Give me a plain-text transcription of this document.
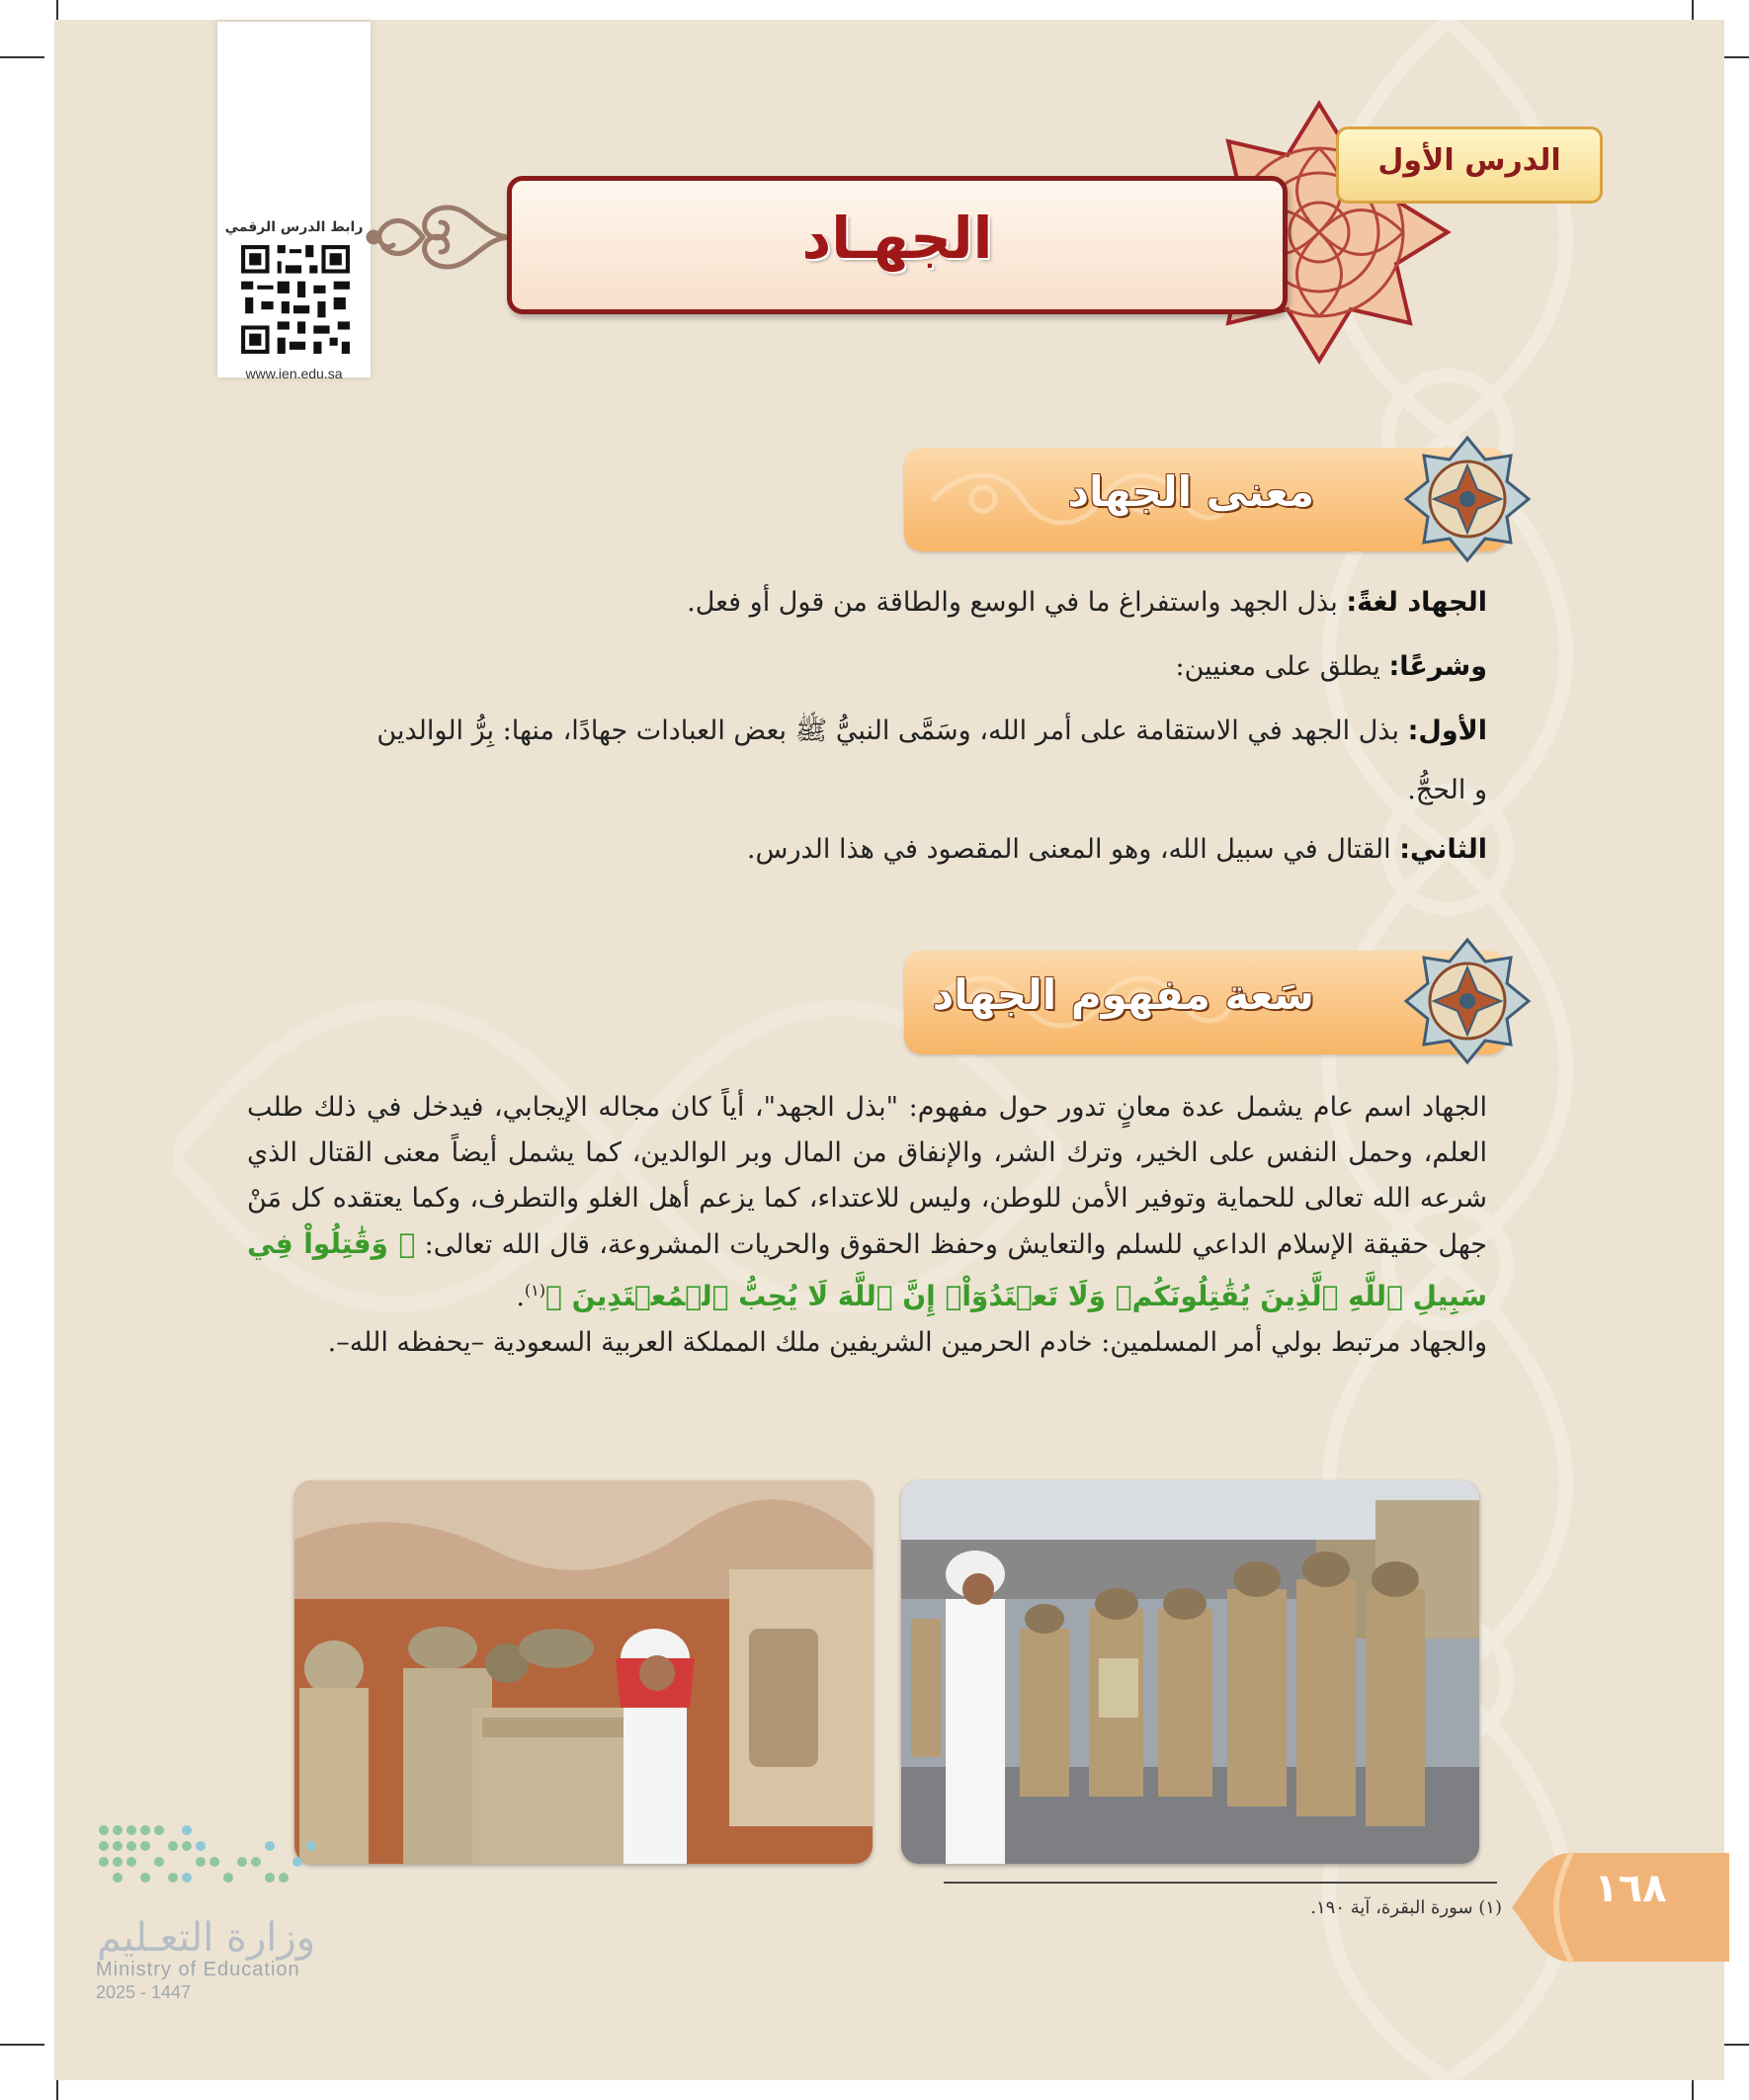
رابط الدرس الرقمي
www.ien.edu.sa
الدرس الأول
الجهـاد
معنى الجهاد
الجهاد لغةً: بذل الجهد واستفراغ ما في الوسع والطاقة من قول أو فعل.
وشرعًا: يطلق على معنيين:
الأول: بذل الجهد في الاستقامة على أمر الله، وسَمَّى النبيُّ ﷺ بعض العبادات جهادًا، منها: بِرُّ الوالدين
و الحجُّ.
الثاني: القتال في سبيل الله، وهو المعنى المقصود في هذا الدرس.
سَعة مفهوم الجهاد
الجهاد اسم عام يشمل عدة معانٍ تدور حول مفهوم: "بذل الجهد"، أياً كان مجاله الإيجابي، فيدخل في ذلك طلب العلم، وحمل النفس على الخير، وترك الشر، والإنفاق من المال وبر الوالدين، كما يشمل أيضاً معنى القتال الذي شرعه الله تعالى للحماية وتوفير الأمن للوطن، وليس للاعتداء، كما يزعم أهل الغلو والتطرف، وكما يعتقده كل مَنْ جهل حقيقة الإسلام الداعي للسلم والتعايش وحفظ الحقوق والحريات المشروعة، قال الله تعالى: ﴿ وَقَٰتِلُواْ فِي سَبِيلِ ٱللَّهِ ٱلَّذِينَ يُقَٰتِلُونَكُمۡ وَلَا تَعۡتَدُوٓاْۚ إِنَّ ٱللَّهَ لَا يُحِبُّ ٱلۡمُعۡتَدِينَ ﴾$^{(١)}$.
والجهاد مرتبط بولي أمر المسلمين: خادم الحرمين الشريفين ملك المملكة العربية السعودية –يحفظه الله–.
(١) سورة البقرة، آية ١٩٠.	١٦٨
وزارة التعـليم
Ministry of Education
2025 - 1447
